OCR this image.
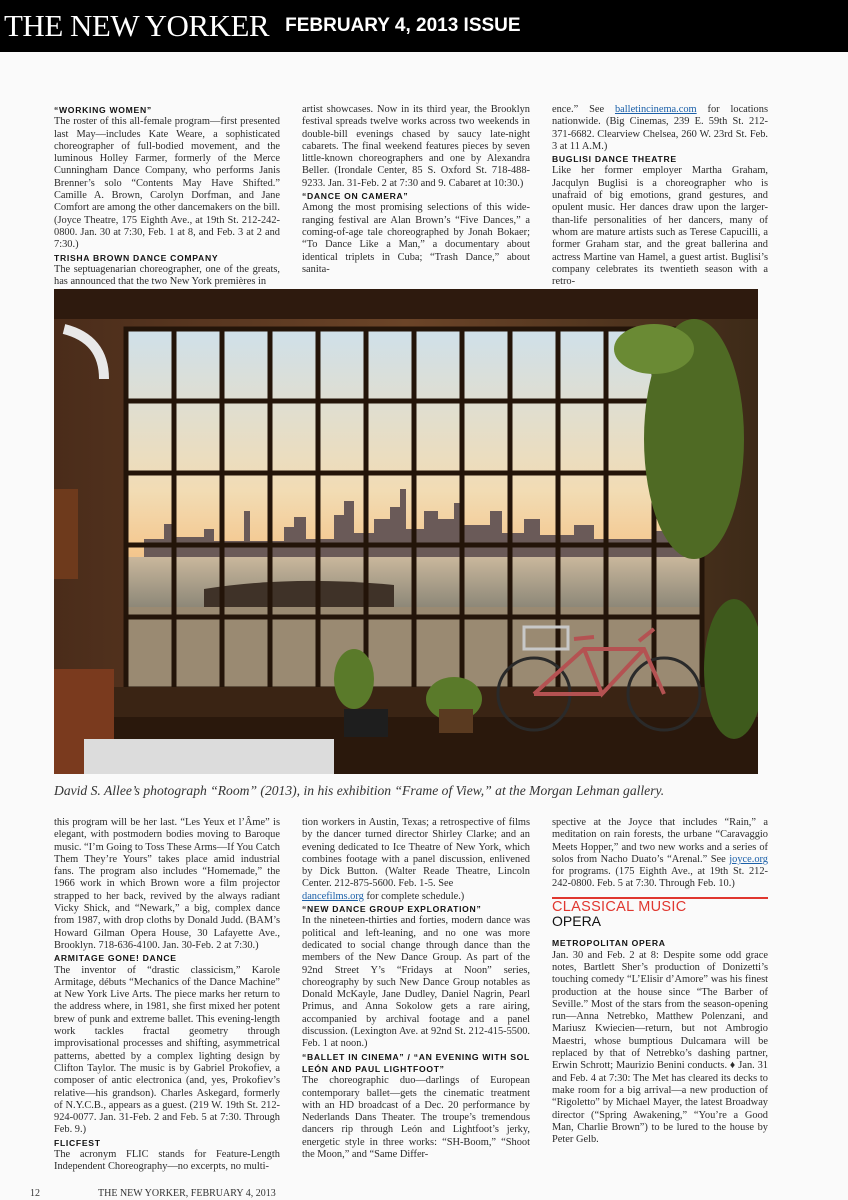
THE NEW YORKER FEBRUARY 4, 2013 ISSUE
“WORKING WOMEN”

The roster of this all-female program—first presented last May—includes Kate Weare, a sophisticated choreographer of full-bodied movement, and the luminous Holley Farmer, formerly of the Merce Cunningham Dance Company, who performs Janis Brenner’s solo “Contents May Have Shifted.” Camille A. Brown, Carolyn Dorfman, and Jane Comfort are among the other dancemakers on the bill. (Joyce Theatre, 175 Eighth Ave., at 19th St. 212-242-0800. Jan. 30 at 7:30, Feb. 1 at 8, and Feb. 3 at 2 and 7:30.)

TRISHA BROWN DANCE COMPANY

The septuagenarian choreographer, one of the greats, has announced that the two New York premières in

artist showcases. Now in its third year, the Brooklyn festival spreads twelve works across two weekends in double-bill evenings chased by saucy late-night cabarets. The final weekend features pieces by seven little-known choreographers and one by Alexandra Beller. (Irondale Center, 85 S. Oxford St. 718-488-9233. Jan. 31-Feb. 2 at 7:30 and 9. Cabaret at 10:30.)

“DANCE ON CAMERA”

Among the most promising selections of this wide-ranging festival are Alan Brown’s “Five Dances,” a coming-of-age tale choreographed by Jonah Bokaer; “To Dance Like a Man,” a documentary about identical triplets in Cuba; “Trash Dance,” about sanita-

ence.” See balletincinema.com for locations nationwide. (Big Cinemas, 239 E. 59th St. 212-371-6682. Clearview Chelsea, 260 W. 23rd St. Feb. 3 at 11 A.M.)

BUGLISI DANCE THEATRE

Like her former employer Martha Graham, Jacqulyn Buglisi is a choreographer who is unafraid of big emotions, grand gestures, and opulent music. Her dances draw upon the larger-than-life personalities of her dancers, many of whom are mature artists such as Terese Capucilli, a former Graham star, and the great ballerina and actress Martine van Hamel, a guest artist. Buglisi’s company celebrates its twentieth season with a retro-

David S. Allee’s photograph “Room” (2013), in his exhibition “Frame of View,” at the Morgan Lehman gallery.

this program will be her last. “Les Yeux et l’Âme” is elegant, with postmodern bodies moving to Baroque music. “I’m Going to Toss These Arms—If You Catch Them They’re Yours” takes place amid industrial fans. The program also includes “Homemade,” the 1966 work in which Brown wore a film projector strapped to her back, revived by the always radiant Vicky Shick, and “Newark,” a big, complex dance from 1987, with drop cloths by Donald Judd. (BAM’s Howard Gilman Opera House, 30 Lafayette Ave., Brooklyn. 718-636-4100. Jan. 30-Feb. 2 at 7:30.)

ARMITAGE GONE! DANCE

The inventor of “drastic classicism,” Karole Armitage, débuts “Mechanics of the Dance Machine” at New York Live Arts. The piece marks her return to the address where, in 1981, she first mixed her potent brew of punk and extreme ballet. This evening-length work tackles fractal geometry through improvisational processes and shifting, asymmetrical patterns, abetted by a complex lighting design by Clifton Taylor. The music is by Gabriel Prokofiev, a composer of antic electronica (and, yes, Prokofiev’s relative—his grandson). Charles Askegard, formerly of N.Y.C.B., appears as a guest. (219 W. 19th St. 212-924-0077. Jan. 31-Feb. 2 and Feb. 5 at 7:30. Through Feb. 9.)

FLICFEST

The acronym FLIC stands for Feature-Length Independent Choreography—no excerpts, no multi-

tion workers in Austin, Texas; a retrospective of films by the dancer turned director Shirley Clarke; and an evening dedicated to Ice Theatre of New York, which combines footage with a panel discussion, enlivened by Dick Button. (Walter Reade Theatre, Lincoln Center. 212-875-5600. Feb. 1-5. See

dancefilms.org for complete schedule.)

“NEW DANCE GROUP EXPLORATION”

In the nineteen-thirties and forties, modern dance was political and left-leaning, and no one was more dedicated to social change through dance than the members of the New Dance Group. As part of the 92nd Street Y’s “Fridays at Noon” series, choreography by such New Dance Group notables as Donald McKayle, Jane Dudley, Daniel Nagrin, Pearl Primus, and Anna Sokolow gets a rare airing, accompanied by archival footage and a panel discussion. (Lexington Ave. at 92nd St. 212-415-5500. Feb. 1 at noon.)

“BALLET IN CINEMA” / “AN EVENING WITH SOL LEÓN AND PAUL LIGHTFOOT”

The choreographic duo—darlings of European contemporary ballet—gets the cinematic treatment with an HD broadcast of a Dec. 20 performance by Nederlands Dans Theater. The troupe’s tremendous dancers rip through León and Lightfoot’s jerky, energetic style in three works: “SH-Boom,” “Shoot the Moon,” and “Same Differ-

spective at the Joyce that includes “Rain,” a meditation on rain forests, the urbane “Caravaggio Meets Hopper,” and two new works and a series of solos from Nacho Duato’s “Arenal.” See joyce.org for programs. (175 Eighth Ave., at 19th St. 212-242-0800. Feb. 5 at 7:30. Through Feb. 10.)

CLASSICAL MUSIC
OPERA
METROPOLITAN OPERA

Jan. 30 and Feb. 2 at 8: Despite some odd grace notes, Bartlett Sher’s production of Donizetti’s touching comedy “L’Elisir d’Amore” was his finest production at the house since “The Barber of Seville.” Most of the stars from the season-opening run—Anna Netrebko, Matthew Polenzani, and Mariusz Kwiecien—return, but not Ambrogio Maestri, whose bumptious Dulcamara will be replaced by that of Netrebko’s dashing partner, Erwin Schrott; Maurizio Benini conducts. ♦ Jan. 31 and Feb. 4 at 7:30: The Met has cleared its decks to make room for a big arrival—a new production of “Rigoletto” by Michael Mayer, the latest Broadway director (“Spring Awakening,” “You’re a Good Man, Charlie Brown”) to be lured to the house by Peter Gelb.

12	THE NEW YORKER, FEBRUARY 4, 2013
